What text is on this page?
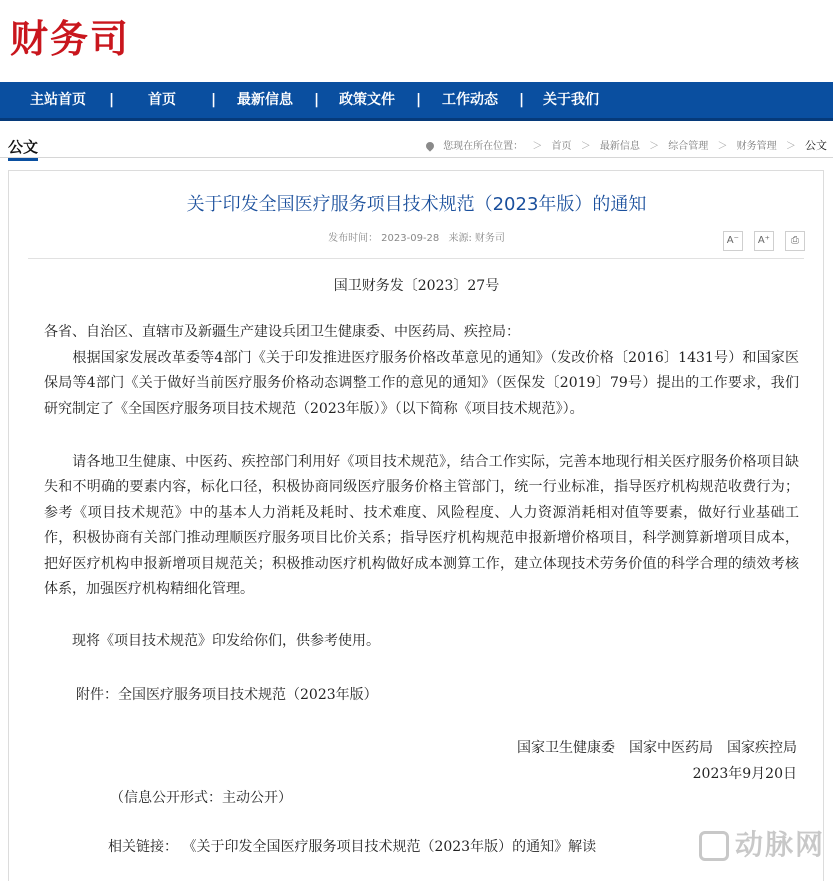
财务司
主站首页 | 首页	| 最新信息 | 政策文件 | 工作动态 | 关于我们
公文	您现在所在位置： ＞ 首页 ＞ 最新信息 ＞ 综合管理 ＞ 财务管理 ＞ 公文
关于印发全国医疗服务项目技术规范（2023年版）的通知
发布时间： 2023-09-28 来源: 财务司	A⁻ A⁺ ⎙
国卫财务发〔2023〕27号
各省、自治区、直辖市及新疆生产建设兵团卫生健康委、中医药局、疾控局：
　　根据国家发展改革委等4部门《关于印发推进医疗服务价格改革意见的通知》（发改价格〔2016〕1431号）和国家医保局等4部门《关于做好当前医疗服务价格动态调整工作的意见的通知》（医保发〔2019〕79号）提出的工作要求，我们研究制定了《全国医疗服务项目技术规范（2023年版）》（以下简称《项目技术规范》）。
　　请各地卫生健康、中医药、疾控部门利用好《项目技术规范》，结合工作实际，完善本地现行相关医疗服务价格项目缺失和不明确的要素内容，标化口径，积极协商同级医疗服务价格主管部门，统一行业标准，指导医疗机构规范收费行为；参考《项目技术规范》中的基本人力消耗及耗时、技术难度、风险程度、人力资源消耗相对值等要素，做好行业基础工作，积极协商有关部门推动理顺医疗服务项目比价关系；指导医疗机构规范申报新增价格项目，科学测算新增项目成本，把好医疗机构申报新增项目规范关；积极推动医疗机构做好成本测算工作，建立体现技术劳务价值的科学合理的绩效考核体系，加强医疗机构精细化管理。
　　现将《项目技术规范》印发给你们，供参考使用。
附件：全国医疗服务项目技术规范（2023年版）
国家卫生健康委　国家中医药局　国家疾控局
2023年9月20日
（信息公开形式：主动公开）
相关链接： 《关于印发全国医疗服务项目技术规范（2023年版）的通知》解读	动脉网
